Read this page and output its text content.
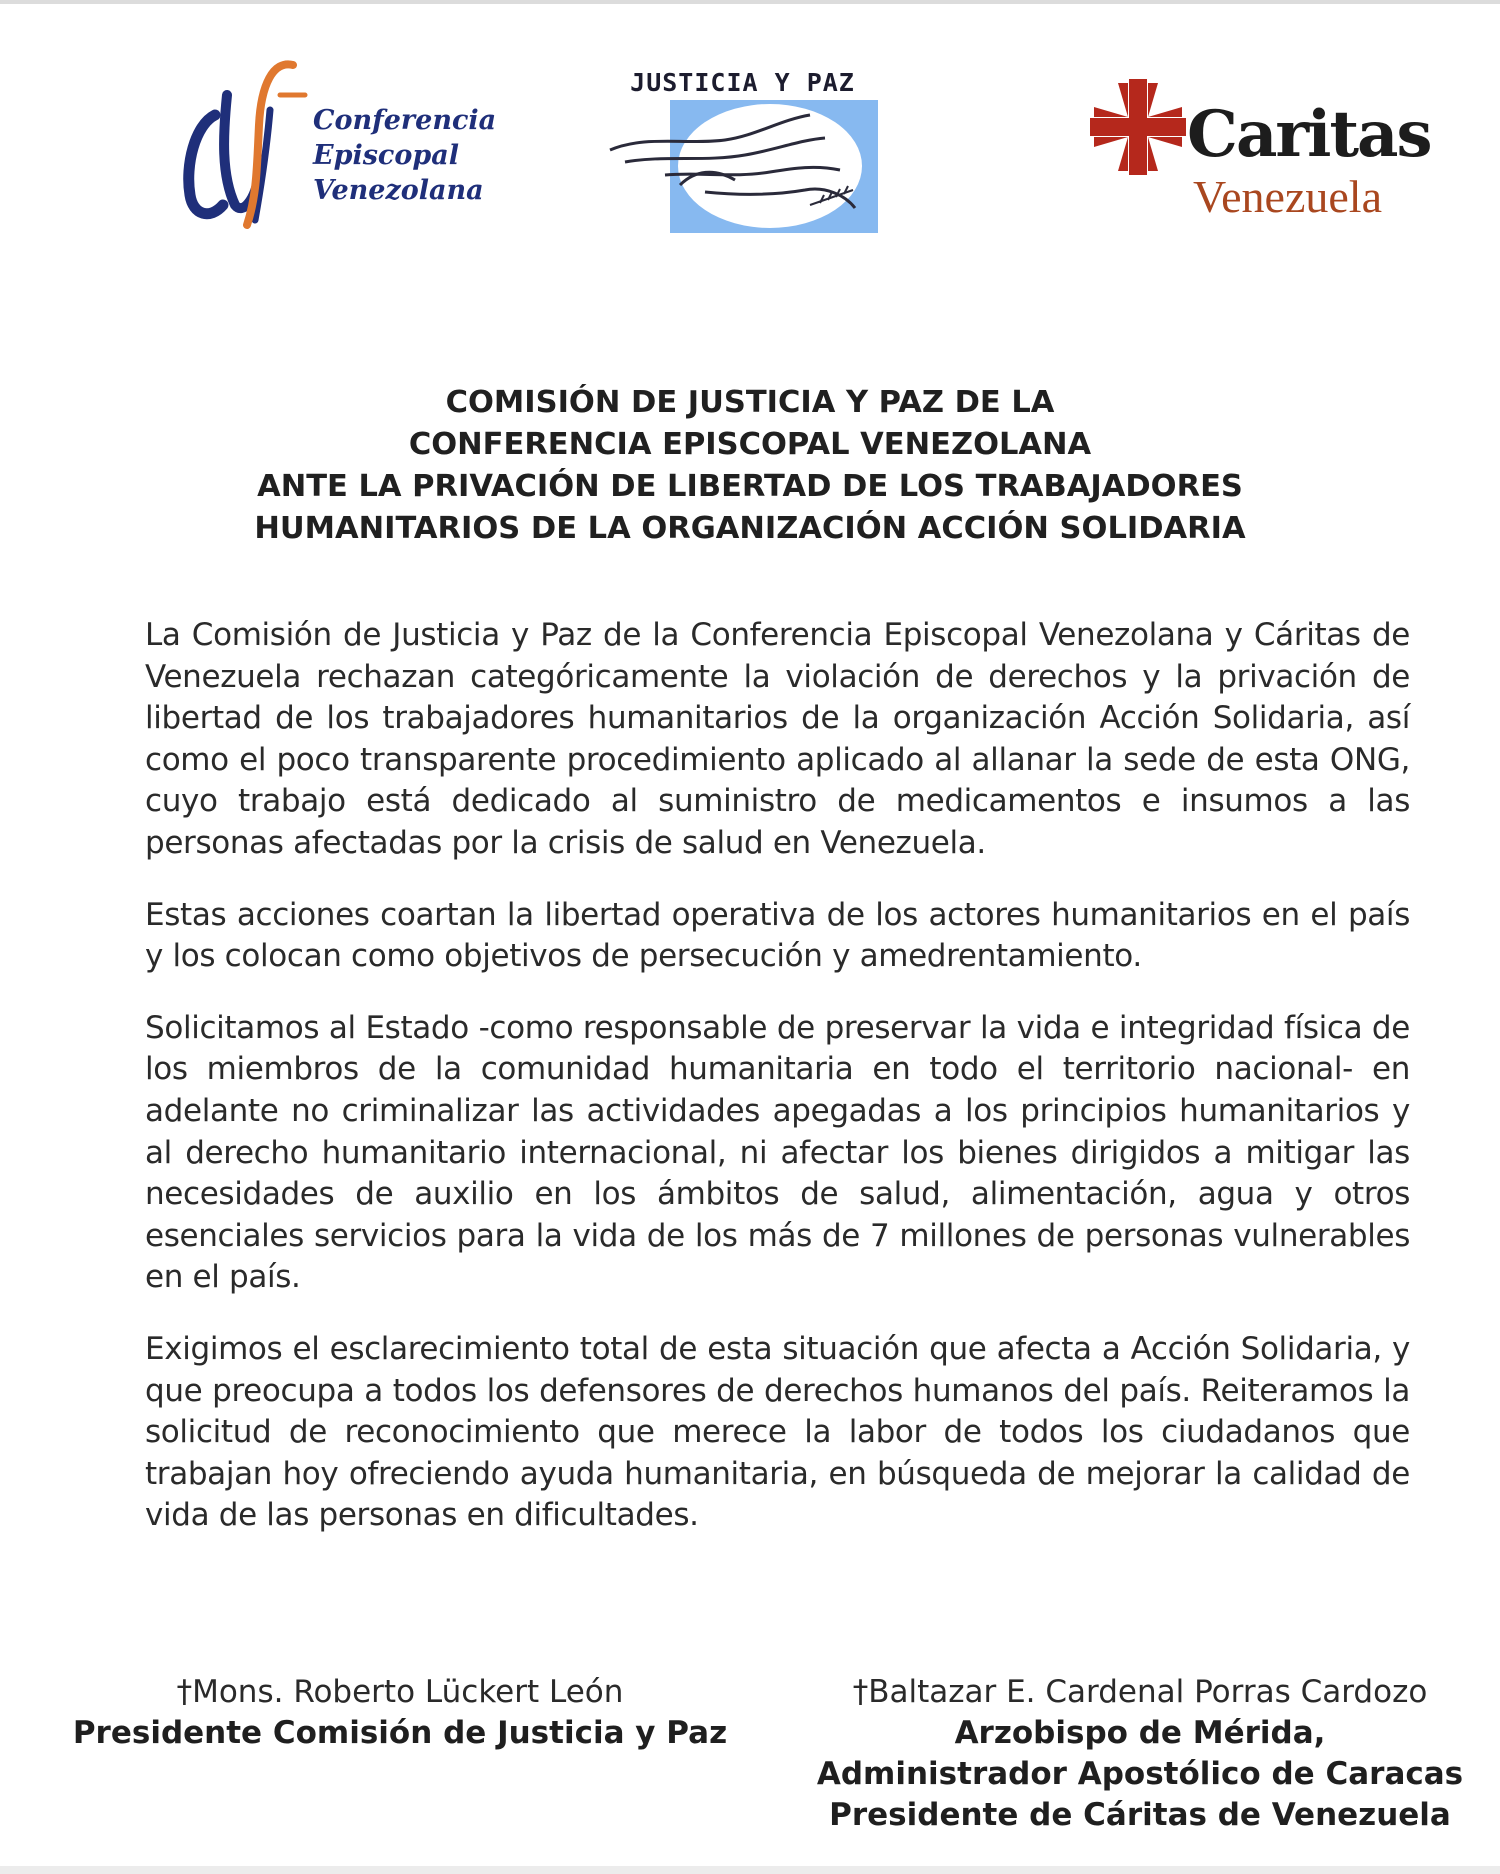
Conferencia
Episcopal
Venezolana
JUSTICIA Y PAZ
Caritas
Venezuela
COMISIÓN DE JUSTICIA Y PAZ DE LA
CONFERENCIA EPISCOPAL VENEZOLANA
ANTE LA PRIVACIÓN DE LIBERTAD DE LOS TRABAJADORES
HUMANITARIOS DE LA ORGANIZACIÓN ACCIÓN SOLIDARIA

La Comisión de Justicia y Paz de la Conferencia Episcopal Venezolana y Cáritas de Venezuela rechazan categóricamente la violación de derechos y la privación de libertad de los trabajadores humanitarios de la organización Acción Solidaria, así como el poco transparente procedimiento aplicado al allanar la sede de esta ONG, cuyo trabajo está dedicado al suministro de medicamentos e insumos a las personas afectadas por la crisis de salud en Venezuela.

Estas acciones coartan la libertad operativa de los actores humanitarios en el país y los colocan como objetivos de persecución y amedrentamiento.

Solicitamos al Estado -como responsable de preservar la vida e integridad física de los miembros de la comunidad humanitaria en todo el territorio nacional- en adelante no criminalizar las actividades apegadas a los principios humanitarios y al derecho humanitario internacional, ni afectar los bienes dirigidos a mitigar las necesidades de auxilio en los ámbitos de salud, alimentación, agua y otros esenciales servicios para la vida de los más de 7 millones de personas vulnerables en el país.

Exigimos el esclarecimiento total de esta situación que afecta a Acción Solidaria, y que preocupa a todos los defensores de derechos humanos del país. Reiteramos la solicitud de reconocimiento que merece la labor de todos los ciudadanos que trabajan hoy ofreciendo ayuda humanitaria, en búsqueda de mejorar la calidad de vida de las personas en dificultades.

†Mons. Roberto Lückert León
Presidente Comisión de Justicia y Paz
†Baltazar E. Cardenal Porras Cardozo
Arzobispo de Mérida,
Administrador Apostólico de Caracas
Presidente de Cáritas de Venezuela
